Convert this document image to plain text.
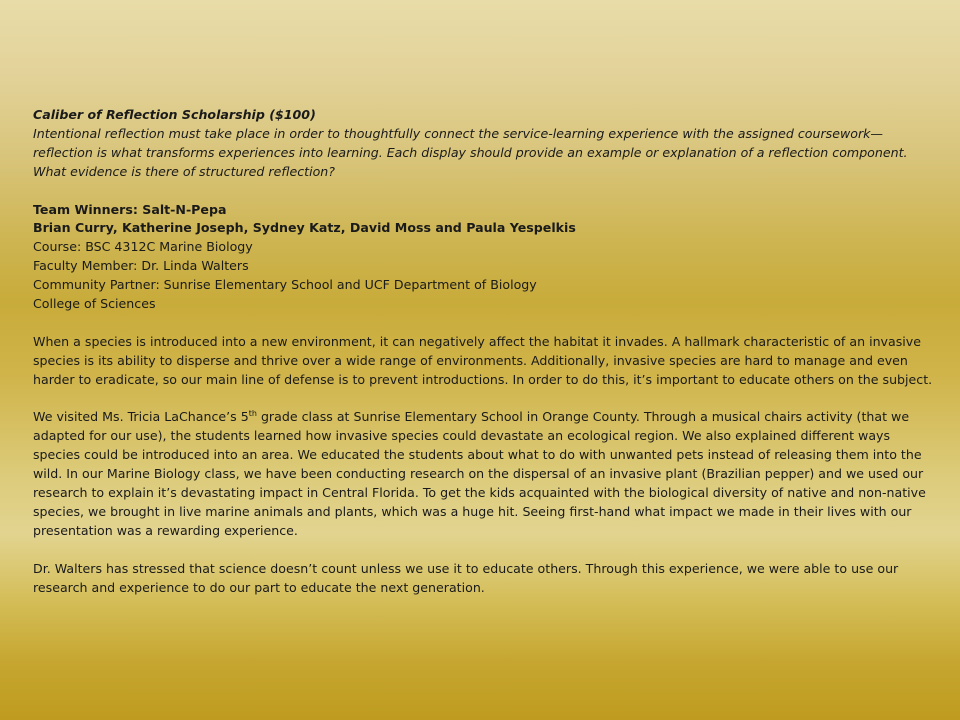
Caliber of Reflection Scholarship ($100)

Intentional reflection must take place in order to thoughtfully connect the service-learning experience with the assigned coursework—reflection is what transforms experiences into learning. Each display should provide an example or explanation of a reflection component. What evidence is there of structured reflection?

Team Winners: Salt-N-Pepa

Brian Curry, Katherine Joseph, Sydney Katz, David Moss and Paula Yespelkis

Course: BSC 4312C Marine Biology

Faculty Member: Dr. Linda Walters

Community Partner: Sunrise Elementary School and UCF Department of Biology

College of Sciences

When a species is introduced into a new environment, it can negatively affect the habitat it invades. A hallmark characteristic of an invasive species is its ability to disperse and thrive over a wide range of environments. Additionally, invasive species are hard to manage and even harder to eradicate, so our main line of defense is to prevent introductions. In order to do this, it’s important to educate others on the subject.

We visited Ms. Tricia LaChance’s 5th grade class at Sunrise Elementary School in Orange County. Through a musical chairs activity (that we adapted for our use), the students learned how invasive species could devastate an ecological region. We also explained different ways species could be introduced into an area. We educated the students about what to do with unwanted pets instead of releasing them into the wild. In our Marine Biology class, we have been conducting research on the dispersal of an invasive plant (Brazilian pepper) and we used our research to explain it’s devastating impact in Central Florida. To get the kids acquainted with the biological diversity of native and non-native species, we brought in live marine animals and plants, which was a huge hit. Seeing first-hand what impact we made in their lives with our presentation was a rewarding experience.

Dr. Walters has stressed that science doesn’t count unless we use it to educate others. Through this experience, we were able to use our research and experience to do our part to educate the next generation.
